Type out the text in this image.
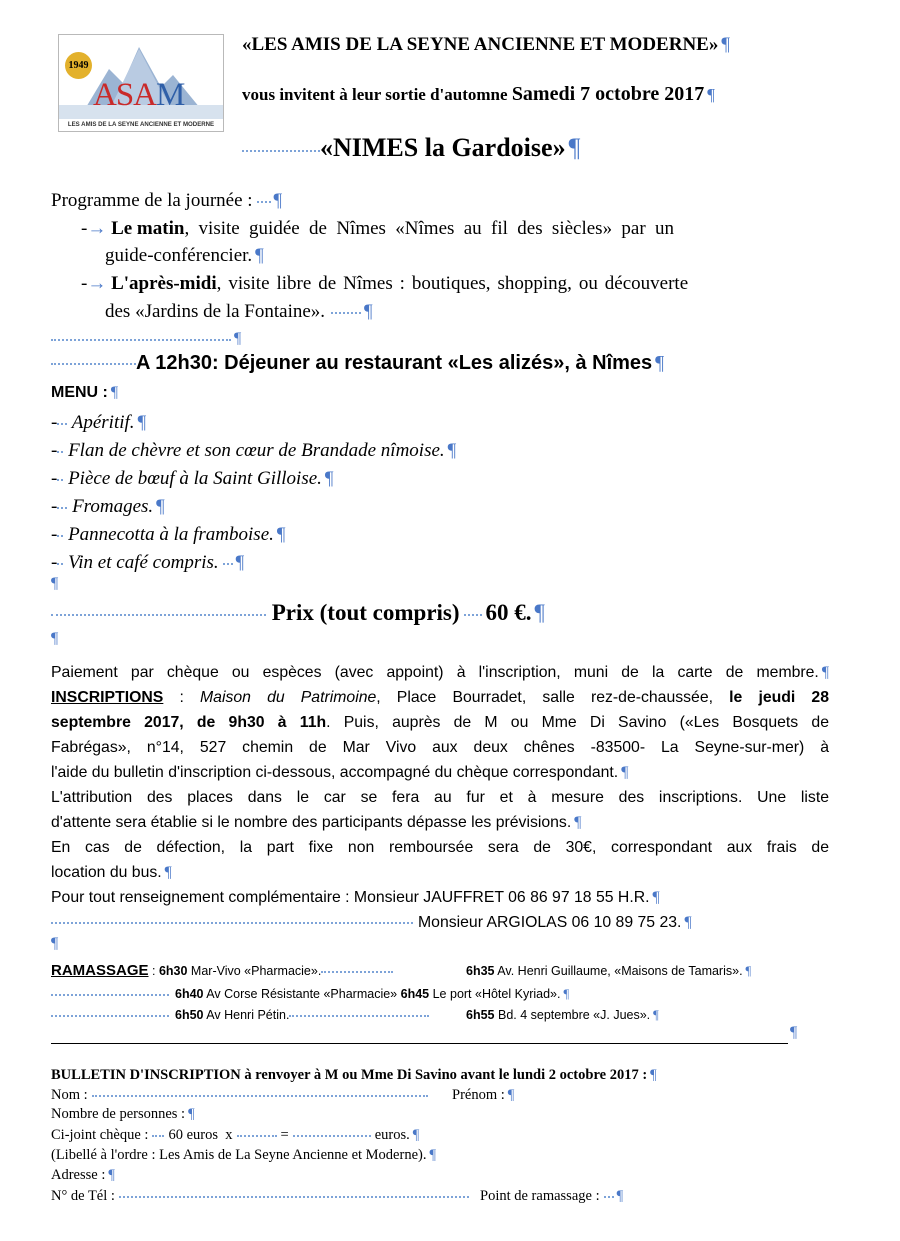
1949
ASAM
LES AMIS DE LA SEYNE ANCIENNE ET MODERNE
«LES AMIS DE LA SEYNE ANCIENNE ET MODERNE» ¶
vous invitent à leur sortie d'automne Samedi 7 octobre 2017 ¶
«NIMES la Gardoise» ¶
Programme de la journée : ¶
-→ Le matin, visite guidée de Nîmes «Nîmes au fil des siècles» par un
guide-conférencier. ¶
-→ L'après-midi, visite libre de Nîmes : boutiques, shopping, ou découverte
des «Jardins de la Fontaine». ¶
¶
A 12h30: Déjeuner au restaurant «Les alizés», à Nîmes ¶
MENU : ¶
- Apéritif. ¶
- Flan de chèvre et son cœur de Brandade nîmoise. ¶
- Pièce de bœuf à la Saint Gilloise. ¶
- Fromages. ¶
- Pannecotta à la framboise. ¶
- Vin et café compris. ¶
¶
Prix (tout compris) 60 €. ¶
¶
Paiement par chèque ou espèces (avec appoint) à l'inscription, muni de la carte de membre. ¶
INSCRIPTIONS : Maison du Patrimoine, Place Bourradet, salle rez-de-chaussée, le jeudi 28
septembre 2017, de 9h30 à 11h. Puis, auprès de M ou Mme Di Savino («Les Bosquets de
Fabrégas», n°14, 527 chemin de Mar Vivo aux deux chênes -83500- La Seyne-sur-mer) à
l'aide du bulletin d'inscription ci-dessous, accompagné du chèque correspondant. ¶
L'attribution des places dans le car se fera au fur et à mesure des inscriptions. Une liste
d'attente sera établie si le nombre des participants dépasse les prévisions. ¶
En cas de défection, la part fixe non remboursée sera de 30€, correspondant aux frais de
location du bus. ¶
Pour tout renseignement complémentaire : Monsieur JAUFFRET 06 86 97 18 55 H.R. ¶
Monsieur ARGIOLAS 06 10 89 75 23. ¶
¶
RAMASSAGE : 6h30 Mar-Vivo «Pharmacie».	6h35 Av. Henri Guillaume, «Maisons de Tamaris». ¶
6h40 Av Corse Résistante «Pharmacie» 6h45 Le port «Hôtel Kyriad». ¶
6h50 Av Henri Pétin.	6h55 Bd. 4 septembre «J. Jues». ¶
¶
BULLETIN D'INSCRIPTION à renvoyer à M ou Mme Di Savino avant le lundi 2 octobre 2017 : ¶
Nom :	Prénom : ¶
Nombre de personnes : ¶
Ci-joint chèque : 60 euros x	=	euros. ¶
(Libellé à l'ordre : Les Amis de La Seyne Ancienne et Moderne). ¶
Adresse : ¶
N° de Tél :	Point de ramassage : ¶
